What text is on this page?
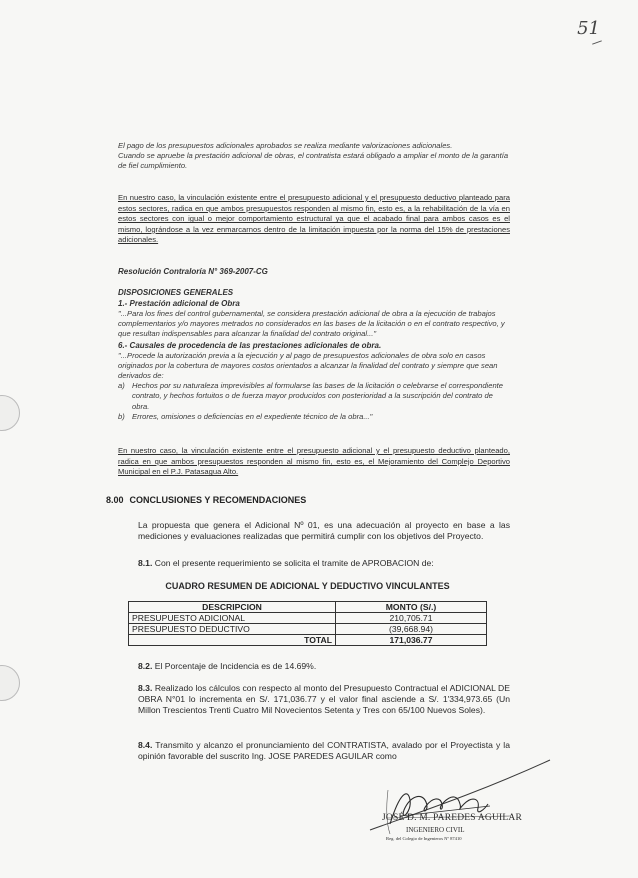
51

El pago de los presupuestos adicionales aprobados se realiza mediante valorizaciones adicionales.

Cuando se apruebe la prestación adicional de obras, el contratista estará obligado a ampliar el monto de la garantía de fiel cumplimiento.

En nuestro caso, la vinculación existente entre el presupuesto adicional y el presupuesto deductivo planteado para estos sectores, radica en que ambos presupuestos responden al mismo fin, esto es, a la rehabilitación de la vía en estos sectores con igual o mejor comportamiento estructural ya que el acabado final para ambos casos es el mismo, lográndose a la vez enmarcarnos dentro de la limitación impuesta por la norma del 15% de prestaciones adicionales.
Resolución Contraloría N° 369-2007-CG
DISPOSICIONES GENERALES
1.- Prestación adicional de Obra
"...Para los fines del control gubernamental, se considera prestación adicional de obra a la ejecución de trabajos complementarios y/o mayores metrados no considerados en las bases de la licitación o en el contrato respectivo, y que resultan indispensables para alcanzar la finalidad del contrato original..."
6.- Causales de procedencia de las prestaciones adicionales de obra.
"...Procede la autorización previa a la ejecución y al pago de presupuestos adicionales de obra solo en casos originados por la cobertura de mayores costos orientados a alcanzar la finalidad del contrato y siempre que sean derivados de:
a) Hechos por su naturaleza imprevisibles al formularse las bases de la licitación o celebrarse el correspondiente contrato, y hechos fortuitos o de fuerza mayor producidos con posterioridad a la suscripción del contrato de obra.
b) Errores, omisiones o deficiencias en el expediente técnico de la obra..."
En nuestro caso, la vinculación existente entre el presupuesto adicional y el presupuesto deductivo planteado, radica en que ambos presupuestos responden al mismo fin, esto es, el Mejoramiento del Complejo Deportivo Municipal en el P.J. Patasagua Alto.
8.00 CONCLUSIONES Y RECOMENDACIONES
La propuesta que genera el Adicional Nº 01, es una adecuación al proyecto en base a las mediciones y evaluaciones realizadas que permitirá cumplir con los objetivos del Proyecto.
8.1. Con el presente requerimiento se solicita el tramite de APROBACION de:
CUADRO RESUMEN DE ADICIONAL Y DEDUCTIVO VINCULANTES
DESCRIPCION	MONTO (S/.)
PRESUPUESTO ADICIONAL	210,705.71
PRESUPUESTO DEDUCTIVO	(39,668.94)
TOTAL	171,036.77
8.2. El Porcentaje de Incidencia es de 14.69%.
8.3. Realizado los cálculos con respecto al monto del Presupuesto Contractual el ADICIONAL DE OBRA N°01 lo incrementa en S/. 171,036.77 y el valor final asciende a S/. 1'334,973.65 (Un Millon Trescientos Trenti Cuatro Mil Novecientos Setenta y Tres con 65/100 Nuevos Soles).
8.4. Transmito y alcanzo el pronunciamiento del CONTRATISTA, avalado por el Proyectista y la opinión favorable del suscrito Ing. JOSE PAREDES AGUILAR como
JOSÉ D. M. PAREDES AGUILAR
INGENIERO CIVIL
Reg. del Colegio de Ingenieros Nº 87410
